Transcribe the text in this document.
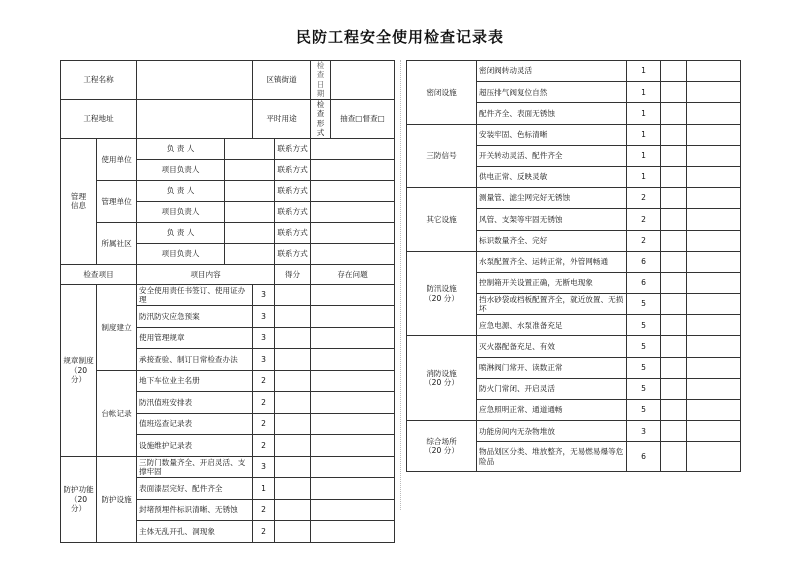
民防工程安全使用检查记录表
工程名称				区镇街道		检查日期	
工程地址				平时用途		检查形式	抽查□督查□
管理
信息	使用单位	负 责 人			联系方式		
		项目负责人			联系方式		
	管理单位	负 责 人			联系方式		
		项目负责人			联系方式		
	所属社区	负 责 人			联系方式		
		项目负责人			联系方式		
检查项目		项目内容			得分	存在问题	

规章制度
（20 分）	制度建立	安全使用责任书签订、使用证办理		3			
		防汛防灾应急预案		3			
		使用管理规章		3			
		承接查验、制订日常检查办法		3			
	台帐记录	地下车位业主名册		2			
		防汛值班安排表		2			
		值班巡查记录表		2			
		设施维护记录表		2			

防护功能
（20 分）	防护设施	三防门数量齐全、开启灵活、支撑牢固		3			
		表面漆层完好、配件齐全		1			
		封堵预埋件标识清晰、无锈蚀		2			
		主体无乱开孔、洞现象		2			
密闭设施	密闭阀转动灵活	1		
	超压排气阀复位自然	1		
	配件齐全、表面无锈蚀	1		
三防信号	安装牢固、色标清晰	1		
	开关转动灵活、配件齐全	1		
	供电正常、反映灵敏	1		
其它设施	测量管、滤尘网完好无锈蚀	2		
	风管、支架等牢固无锈蚀	2		
	标识数量齐全、完好	2		

防汛设施
（20 分）	水泵配置齐全、运转正常，外管网畅通	6		
	控制箱开关设置正确，无断电现象	6		
	挡水砂袋或档板配置齐全，就近放置、无损坏	5		
	应急电源、水泵准备充足	5		

消防设施
（20 分）	灭火器配备充足、有效	5		
	喷淋阀门常开、读数正常	5		
	防火门常闭、开启灵活	5		
	应急照明正常、通道通畅	5		

综合场所
（20 分）	功能房间内无杂物堆放	3		
	物品划区分类、堆放整齐，无易燃易爆等危险品	6		
